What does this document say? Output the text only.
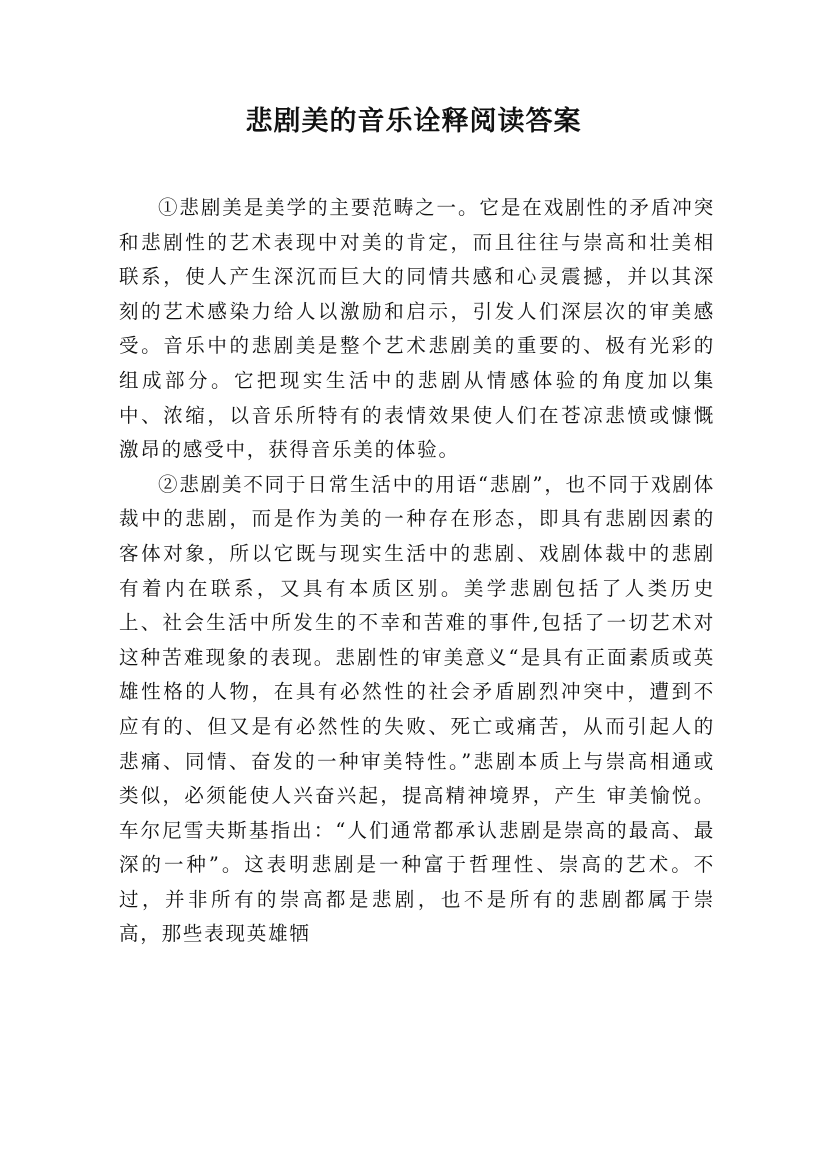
悲剧美的音乐诠释阅读答案

①悲剧美是美学的主要范畴之一。它是在戏剧性的矛盾冲突和悲剧性的艺术表现中对美的肯定，而且往往与崇高和壮美相联系，使人产生深沉而巨大的同情共感和心灵震撼，并以其深刻的艺术感染力给人以激励和启示，引发人们深层次的审美感受。音乐中的悲剧美是整个艺术悲剧美的重要的、极有光彩的组成部分。它把现实生活中的悲剧从情感体验的角度加以集中、浓缩，以音乐所特有的表情效果使人们在苍凉悲愤或慷慨激昂的感受中，获得音乐美的体验。

②悲剧美不同于日常生活中的用语“悲剧”，也不同于戏剧体裁中的悲剧，而是作为美的一种存在形态，即具有悲剧因素的客体对象，所以它既与现实生活中的悲剧、戏剧体裁中的悲剧有着内在联系，又具有本质区别。美学悲剧包括了人类历史上、社会生活中所发生的不幸和苦难的事件,包括了一切艺术对这种苦难现象的表现。悲剧性的审美意义“是具有正面素质或英雄性格的人物，在具有必然性的社会矛盾剧烈冲突中，遭到不应有的、但又是有必然性的失败、死亡或痛苦，从而引起人的悲痛、同情、奋发的一种审美特性。”悲剧本质上与崇高相通或类似，必须能使人兴奋兴起，提高精神境界，产生 审美愉悦。车尔尼雪夫斯基指出：“人们通常都承认悲剧是崇高的最高、最深的一种”。这表明悲剧是一种富于哲理性、崇高的艺术。不过，并非所有的崇高都是悲剧，也不是所有的悲剧都属于崇高，那些表现英雄牺
